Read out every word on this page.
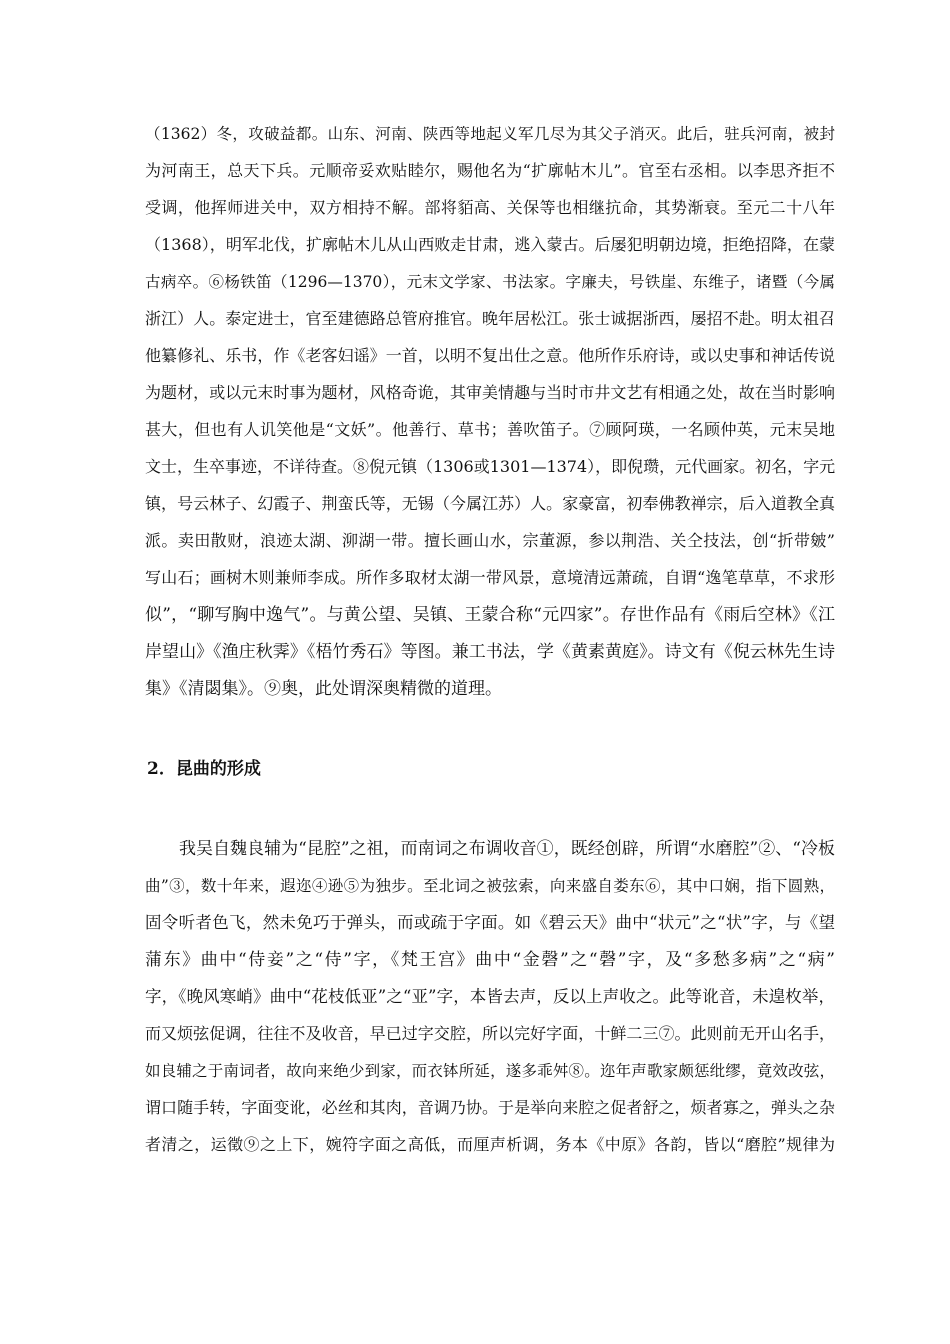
（1362）冬，攻破益都。山东、河南、陕西等地起义军几尽为其父子消灭。此后，驻兵河南，被封
为河南王，总天下兵。元顺帝妥欢贴睦尔，赐他名为“扩廓帖木儿”。官至右丞相。以李思齐拒不
受调，他挥师进关中，双方相持不解。部将貊高、关保等也相继抗命，其势渐衰。至元二十八年
（1368），明军北伐，扩廓帖木儿从山西败走甘肃，逃入蒙古。后屡犯明朝边境，拒绝招降，在蒙
古病卒。⑥杨铁笛（1296—1370），元末文学家、书法家。字廉夫，号铁崖、东维子，诸暨（今属
浙江）人。泰定进士，官至建德路总管府推官。晚年居松江。张士诚据浙西，屡招不赴。明太祖召
他纂修礼、乐书，作《老客妇谣》一首，以明不复出仕之意。他所作乐府诗，或以史事和神话传说
为题材，或以元末时事为题材，风格奇诡，其审美情趣与当时市井文艺有相通之处，故在当时影响
甚大，但也有人讥笑他是“文妖”。他善行、草书；善吹笛子。⑦顾阿瑛，一名顾仲英，元末吴地
文士，生卒事迹，不详待查。⑧倪元镇（1306或1301—1374），即倪瓒，元代画家。初名，字元
镇，号云林子、幻霞子、荆蛮氏等，无锡（今属江苏）人。家豪富，初奉佛教禅宗，后入道教全真
派。卖田散财，浪迹太湖、泖湖一带。擅长画山水，宗董源，参以荆浩、关仝技法，创“折带皴”
写山石；画树木则兼师李成。所作多取材太湖一带风景，意境清远萧疏，自谓“逸笔草草，不求形
似”，“聊写胸中逸气”。与黄公望、吴镇、王蒙合称“元四家”。存世作品有《雨后空林》《江
岸望山》《渔庄秋霁》《梧竹秀石》等图。兼工书法，学《黄素黄庭》。诗文有《倪云林先生诗
集》《清閟集》。⑨奥，此处谓深奥精微的道理。
2．昆曲的形成
我吴自魏良辅为“昆腔”之祖，而南词之布调收音①，既经创辟，所谓“水磨腔”②、“冷板
曲”③，数十年来，遐迩④逊⑤为独步。至北词之被弦索，向来盛自娄东⑥，其中口娴，指下圆熟，
固令听者色飞，然未免巧于弹头，而或疏于字面。如《碧云天》曲中“状元”之“状”字，与《望
蒲东》曲中“侍妾”之“侍”字，《梵王宫》曲中“金磬”之“磬”字，及“多愁多病”之“病”
字，《晚风寒峭》曲中“花枝低亚”之“亚”字，本皆去声，反以上声收之。此等讹音，未遑枚举，
而又烦弦促调，往往不及收音，早已过字交腔，所以完好字面，十鲜二三⑦。此则前无开山名手，
如良辅之于南词者，故向来绝少到家，而衣钵所延，遂多乖舛⑧。迩年声歌家颇惩纰缪，竟效改弦，
谓口随手转，字面变讹，必丝和其肉，音调乃协。于是举向来腔之促者舒之，烦者寡之，弹头之杂
者清之，运徵⑨之上下，婉符字面之高低，而厘声析调，务本《中原》各韵，皆以“磨腔”规律为
